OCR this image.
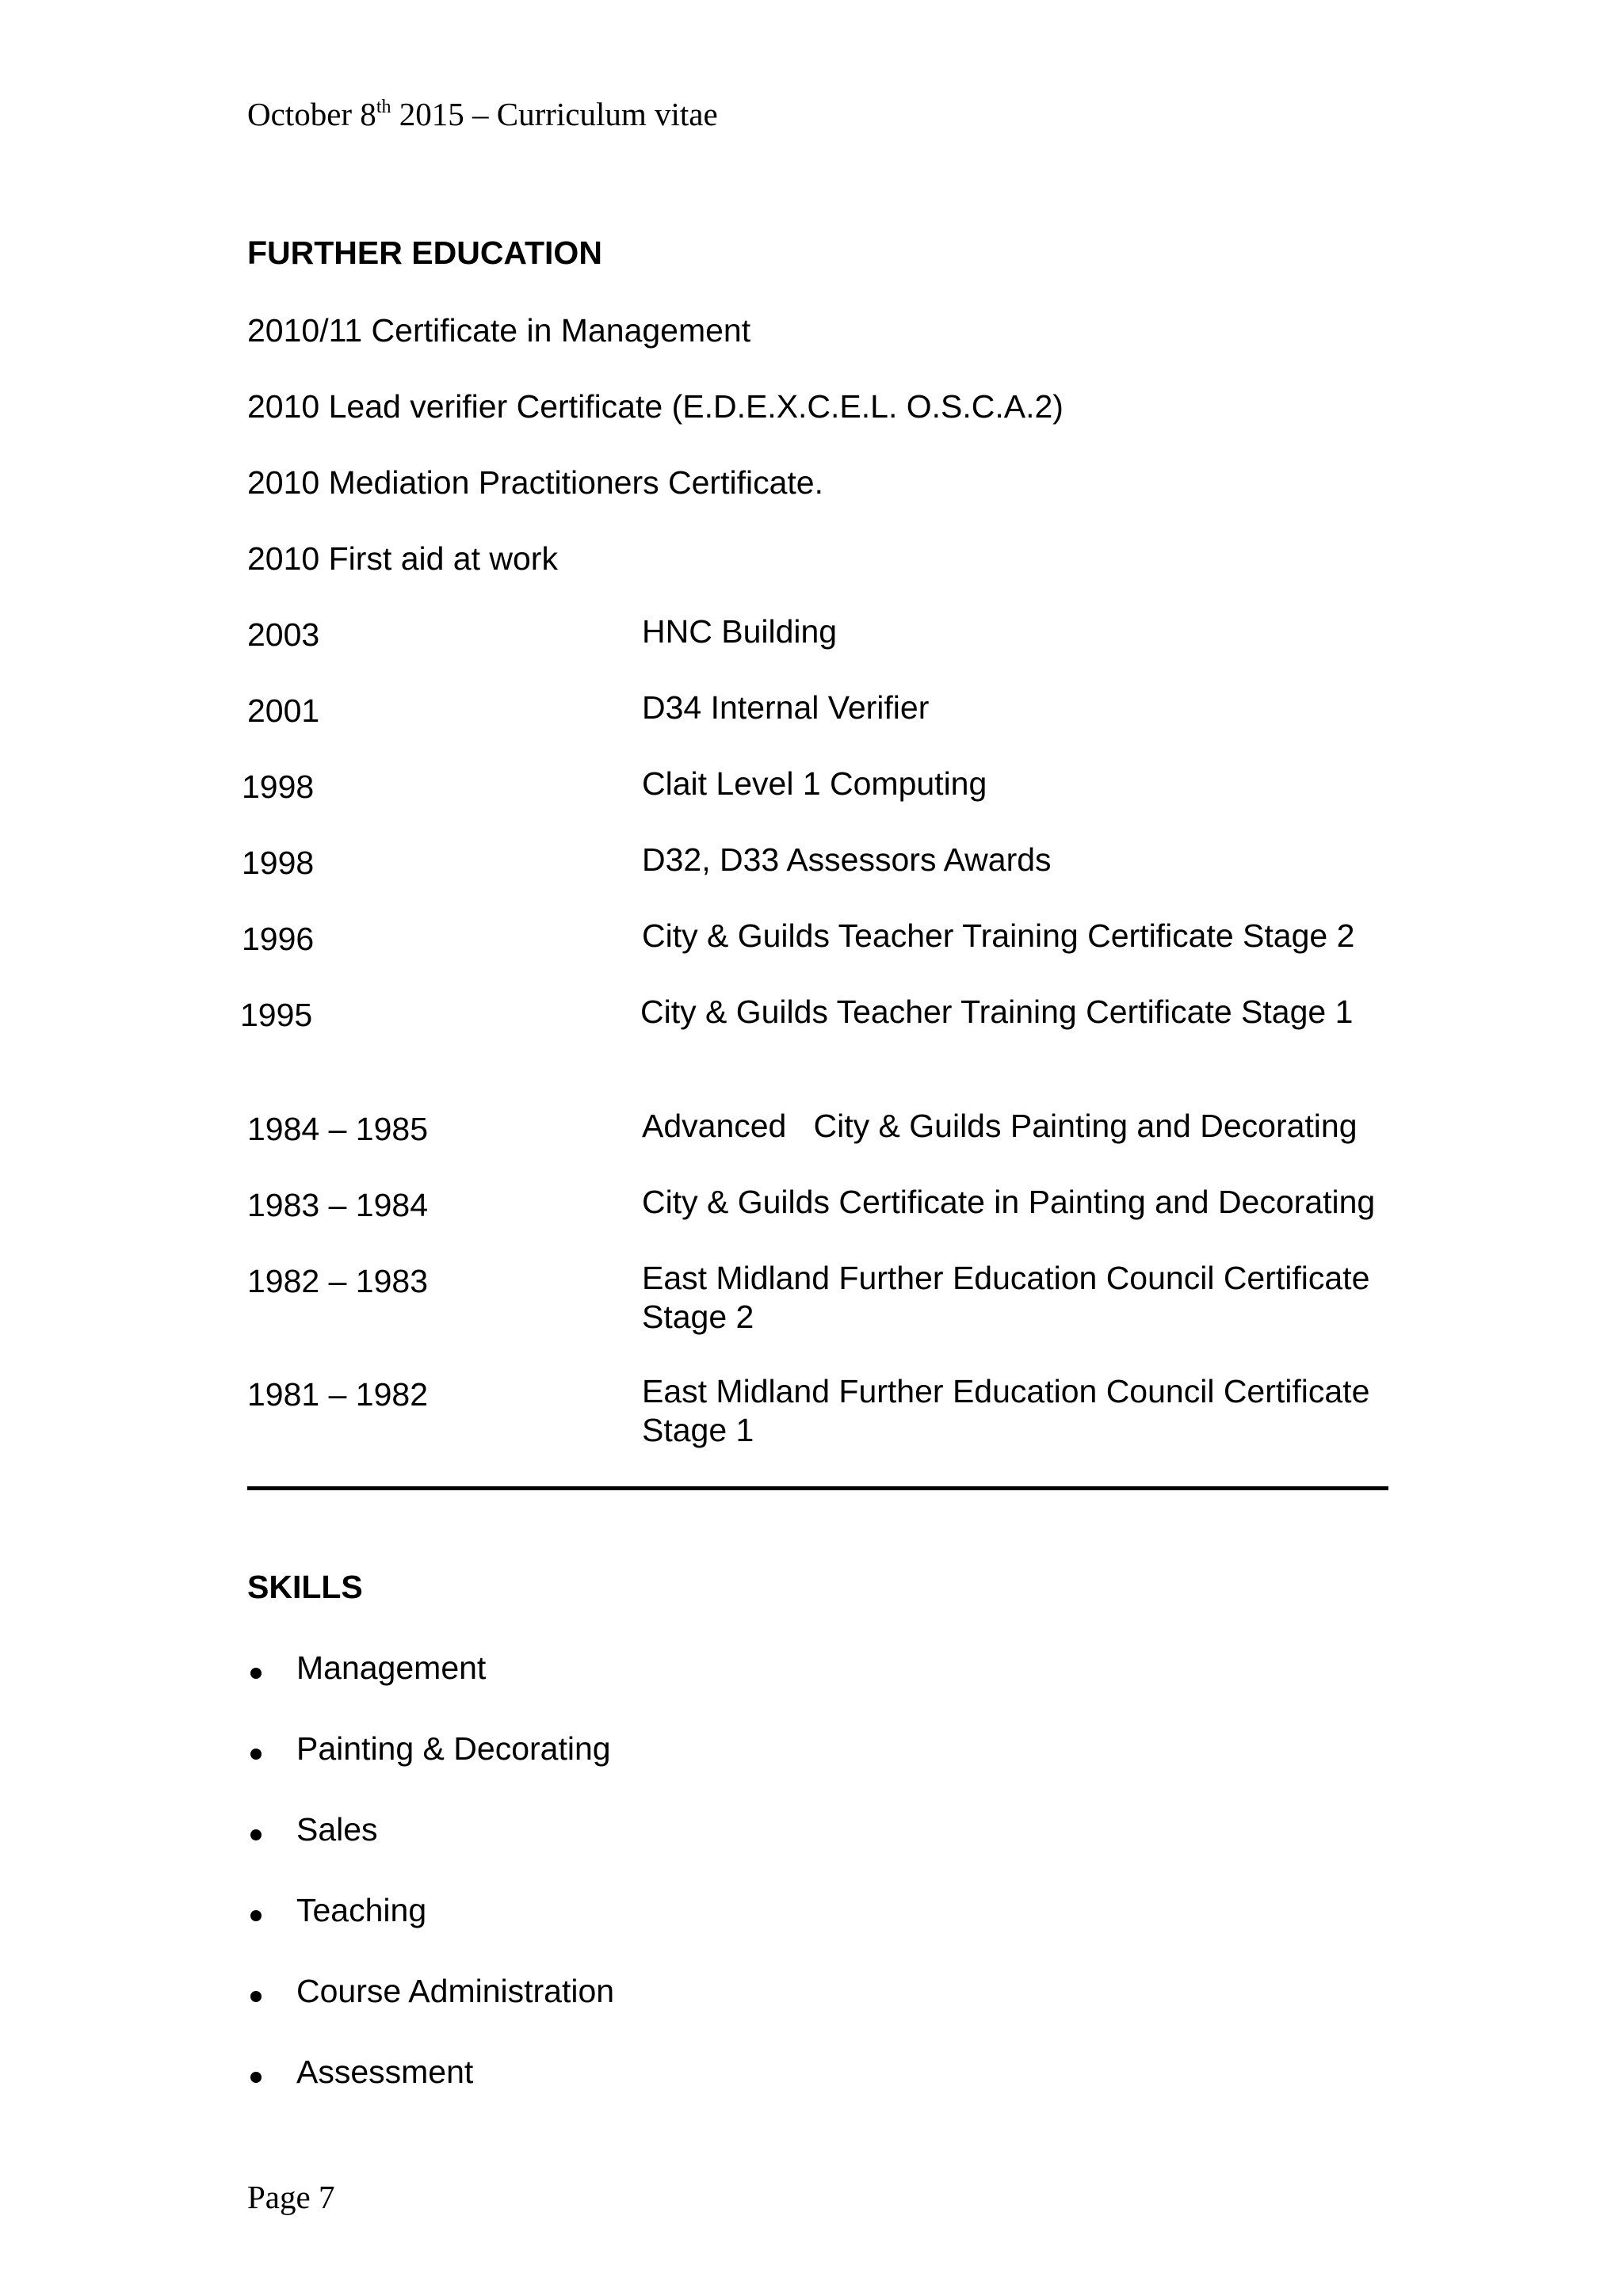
October 8th 2015 – Curriculum vitae
FURTHER EDUCATION
2010/11 Certificate in Management
2010 Lead verifier Certificate (E.D.E.X.C.E.L. O.S.C.A.2)
2010 Mediation Practitioners Certificate.
2010 First aid at work
2003	HNC Building
2001	D34 Internal Verifier
1998	Clait Level 1 Computing
1998	D32, D33 Assessors Awards
1996	City & Guilds Teacher Training Certificate Stage 2
1995	City & Guilds Teacher Training Certificate Stage 1
1984 – 1985	Advanced   City & Guilds Painting and Decorating
1983 – 1984	City & Guilds Certificate in Painting and Decorating
1982 – 1983	East Midland Further Education Council Certificate
Stage 2
1981 – 1982	East Midland Further Education Council Certificate
Stage 1
SKILLS
Management
Painting & Decorating
Sales
Teaching
Course Administration
Assessment
Page 7
